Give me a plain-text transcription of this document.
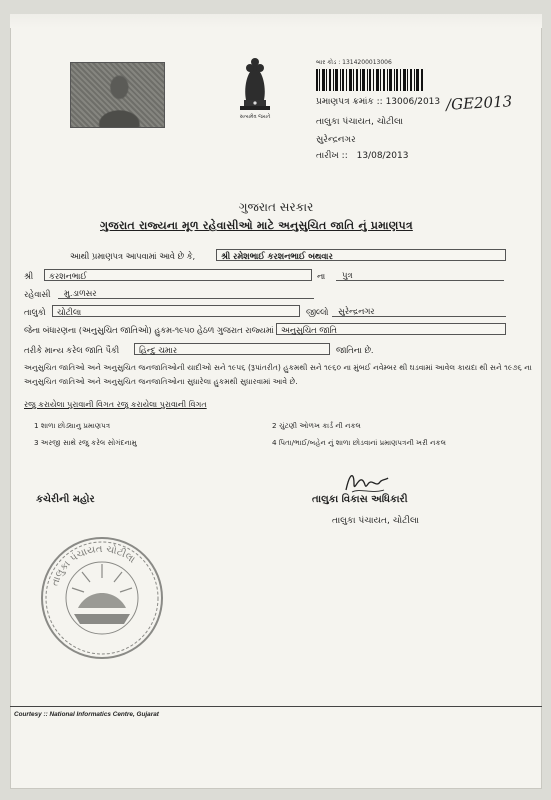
સત્યમેવ જયતે
બાર કોડ : 1314200013006
પ્રમાણપત્ર ક્રમાંક :: 13006/2013 /GE2013
તાલુકા પંચાયત, ચોટીલા
સુરેન્દ્રનગર
તારીખ :: 13/08/2013
ગુજરાત સરકાર
ગુજરાત રાજ્યના મૂળ રહેવાસીઓ માટે અનુસુચિત જાતિ નું પ્રમાણપત્ર
આથી પ્રમાણપત્ર આપવામાં આવે છે કે,	શ્રી રમેશભાઈ કરશનભાઈ બથવાર
શ્રી	કરશનભાઈ	ના	પુત્ર
રહેવાસી	મુ.ડાળસર
તાલુકો	ચોટીલા	જીલ્લો	સુરેન્દ્રનગર
જેના બંધારણના (અનુસુચિત જાતિઓ) હુકમ-૧૯૫૦ હેઠળ ગુજરાત રાજ્યમાં અનુસુચિત જાતિ
તરીકે માન્ય કરેલ જાતિ પૈકી	હિન્દુ ચમાર	જાતિના છે.
અનુસુચિત જાતિઓ અને અનુસુચિત જનજાતિઓની યાદીઓ સને ૧૯૫૬ (રૂપાંતરીત) હુકમથી સને ૧૯૬૦ ના મુંબઈ નવેમ્બર થી ઘડવામાં આવેલ કાયદા થી સને ૧૯૭૬ ના અનુસુચિત જાતિઓ અને અનુસુચિત જનજાતિઓના સુધારેલા હુકમથી સુધારવામાં આવે છે.
રજુ કરાયેલા પુરાવાની વિગત રજુ કરાયેલા પુરાવાની વિગત
1 શાળા છોડ્યાનુ પ્રમાણપત્ર	2 ચુંટણી ઓળખ કાર્ડ ની નકલ
3 અરજી સાથે રજુ કરેલ સોગંદનામુ	4 પિતા/ભાઈ/બહેન નું શાળા છોડવાનાં પ્રમાણપત્રની ખરી નકલ
કચેરીની મહોર	તાલુકા વિકાસ અધિકારી
તાલુકા પંચાયત, ચોટીલા
તાલુકા પંચાયત ચોટીલા
Courtesy :: National Informatics Centre, Gujarat
